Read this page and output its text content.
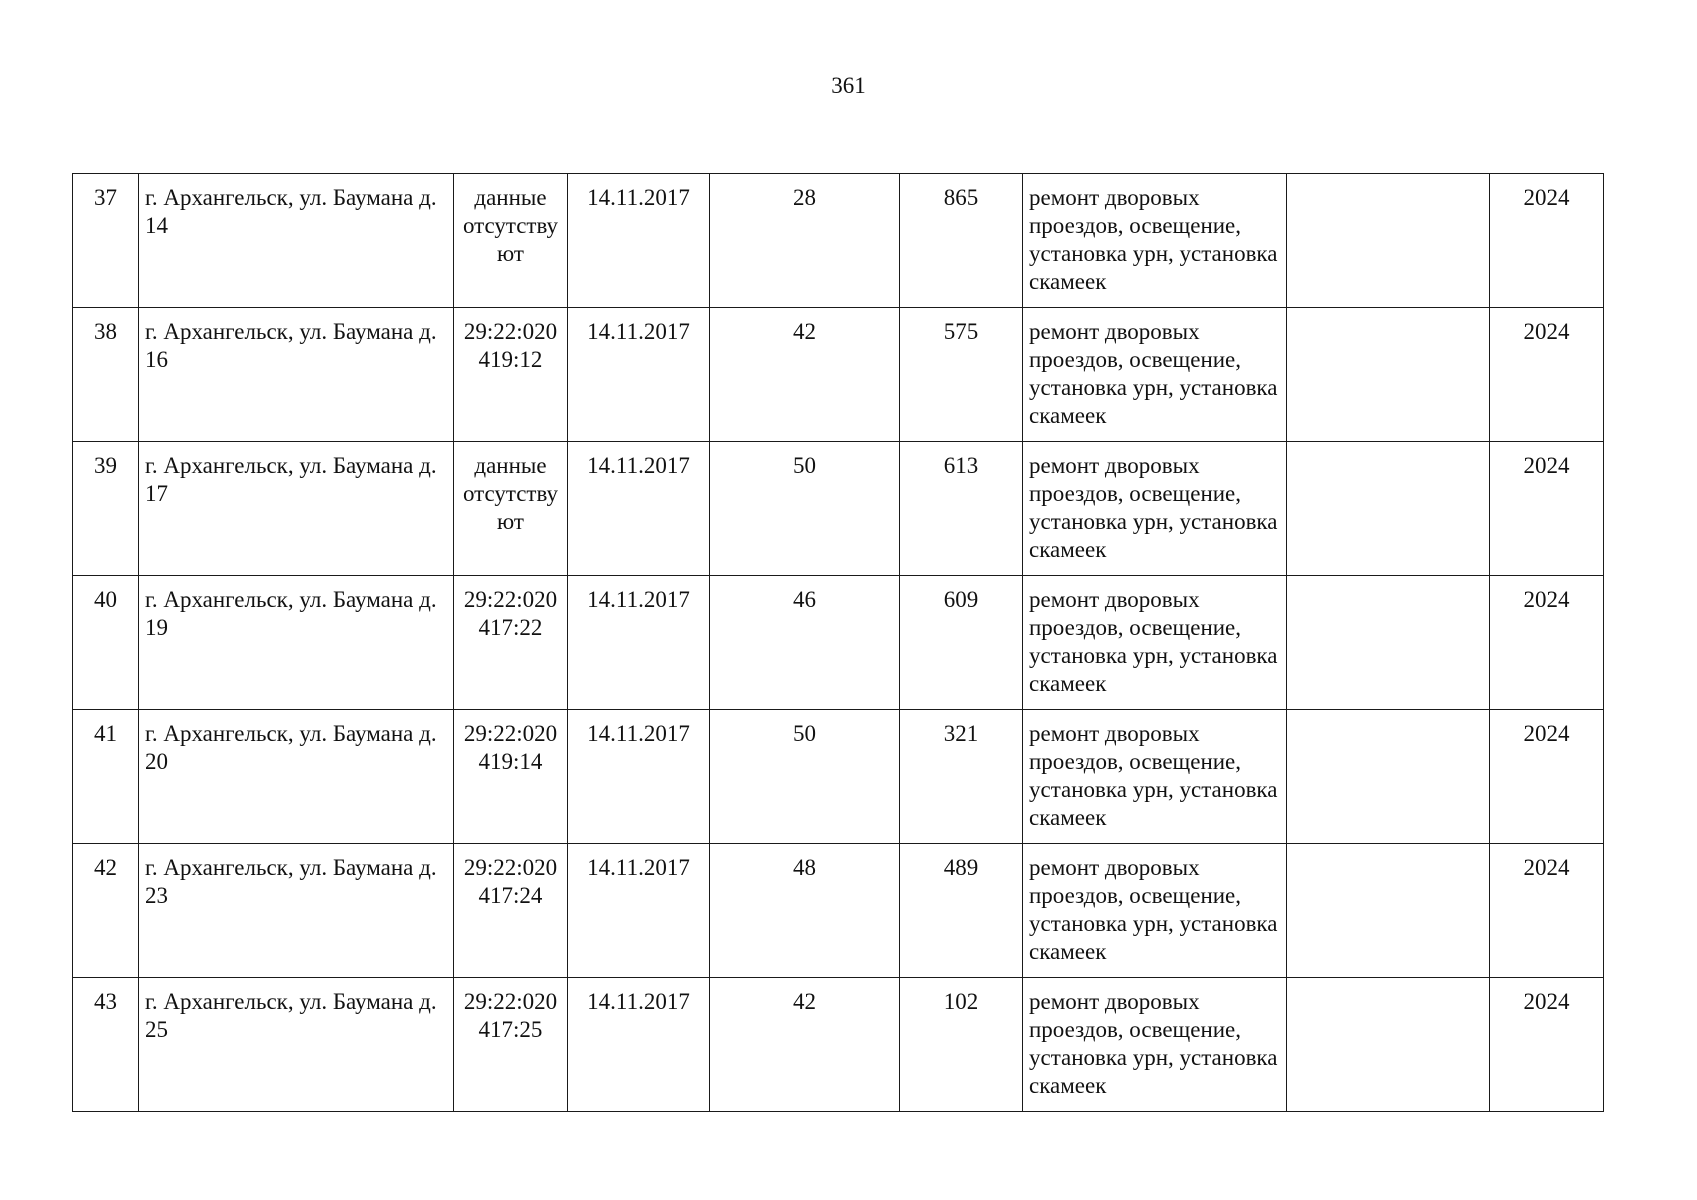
361
37	г. Архангельск, ул. Баумана д. 14	данные отсутству ют	14.11.2017	28	865	ремонт дворовых проездов, освещение, установка урн, установка скамеек		2024
38	г. Архангельск, ул. Баумана д. 16	29:22:020 419:12	14.11.2017	42	575	ремонт дворовых проездов, освещение, установка урн, установка скамеек		2024
39	г. Архангельск, ул. Баумана д. 17	данные отсутству ют	14.11.2017	50	613	ремонт дворовых проездов, освещение, установка урн, установка скамеек		2024
40	г. Архангельск, ул. Баумана д. 19	29:22:020 417:22	14.11.2017	46	609	ремонт дворовых проездов, освещение, установка урн, установка скамеек		2024
41	г. Архангельск, ул. Баумана д. 20	29:22:020 419:14	14.11.2017	50	321	ремонт дворовых проездов, освещение, установка урн, установка скамеек		2024
42	г. Архангельск, ул. Баумана д. 23	29:22:020 417:24	14.11.2017	48	489	ремонт дворовых проездов, освещение, установка урн, установка скамеек		2024
43	г. Архангельск, ул. Баумана д. 25	29:22:020 417:25	14.11.2017	42	102	ремонт дворовых проездов, освещение, установка урн, установка скамеек		2024
